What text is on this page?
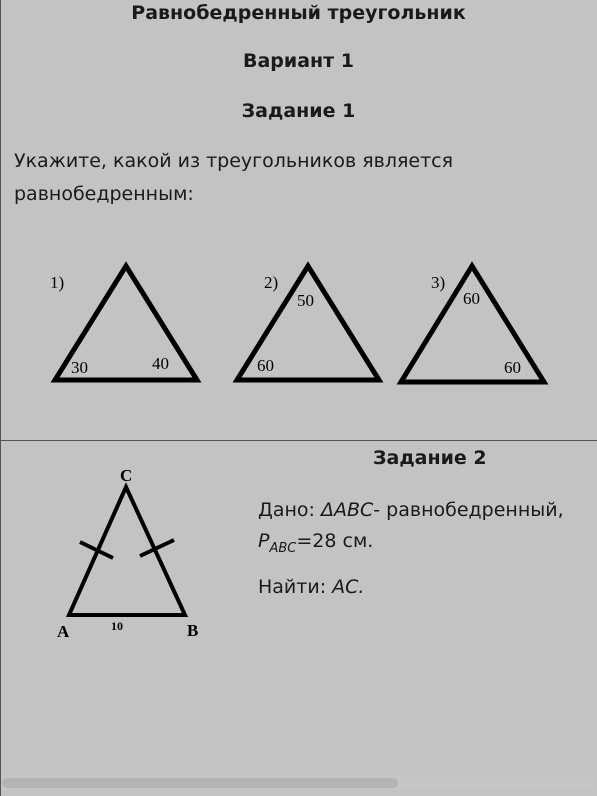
Равнобедренный треугольник
Вариант 1
Задание 1
Укажите, какой из треугольников является равнобедренным:
1)
30	40
2)
50
60
3)
60
60
C
A	B
10
Задание 2
Дано: ΔABC- равнобедренный,
$P_{ABC}=28$ см.
Найти: AC.
